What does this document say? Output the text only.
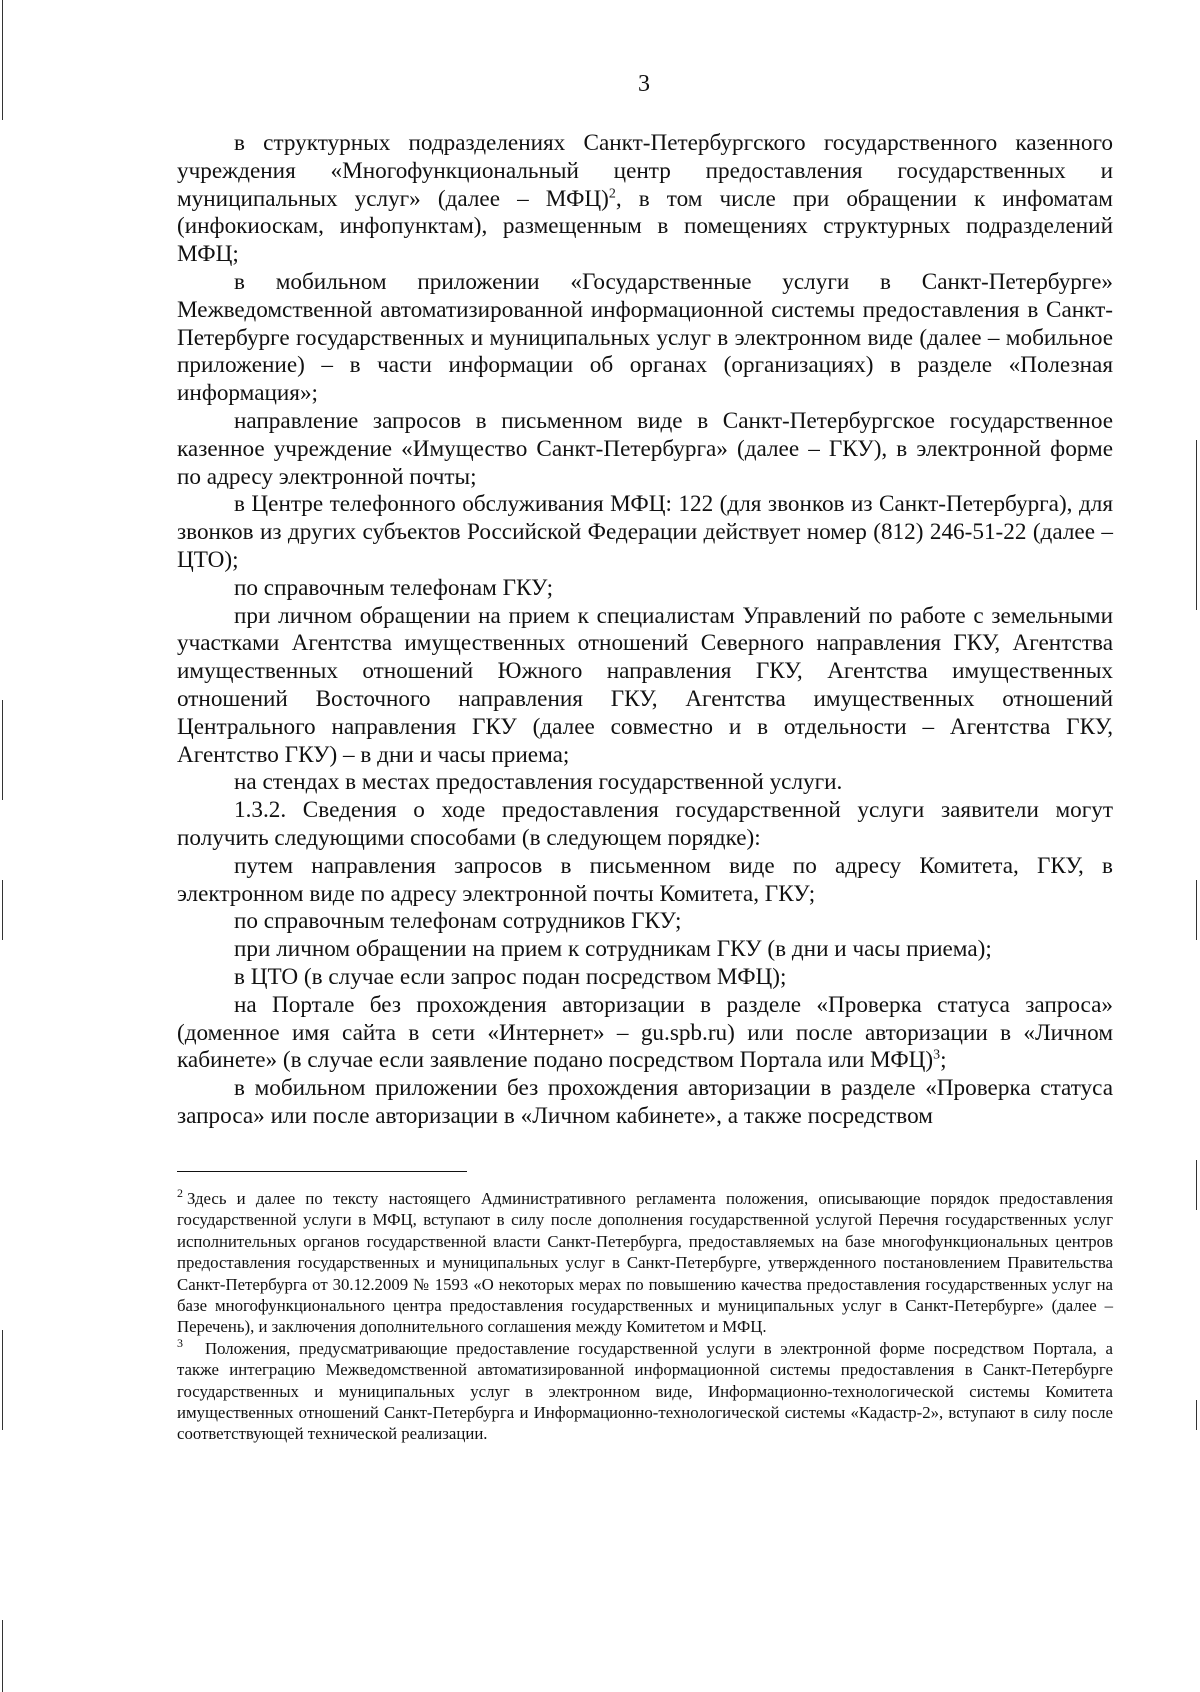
3

в структурных подразделениях Санкт-Петербургского государственного казенного учреждения «Многофункциональный центр предоставления государственных и муниципальных услуг» (далее – МФЦ)$^2$, в том числе при обращении к инфоматам (инфокиоскам, инфопунктам), размещенным в помещениях структурных подразделений МФЦ;

в мобильном приложении «Государственные услуги в Санкт-Петербурге» Межведомственной автоматизированной информационной системы предоставления в Санкт-Петербурге государственных и муниципальных услуг в электронном виде (далее – мобильное приложение) – в части информации об органах (организациях) в разделе «Полезная информация»;

направление запросов в письменном виде в Санкт-Петербургское государственное казенное учреждение «Имущество Санкт-Петербурга» (далее – ГКУ), в электронной форме по адресу электронной почты;

в Центре телефонного обслуживания МФЦ: 122 (для звонков из Санкт-Петербурга), для звонков из других субъектов Российской Федерации действует номер (812) 246-51-22 (далее – ЦТО);

по справочным телефонам ГКУ;

при личном обращении на прием к специалистам Управлений по работе с земельными участками Агентства имущественных отношений Северного направления ГКУ, Агентства имущественных отношений Южного направления ГКУ, Агентства имущественных отношений Восточного направления ГКУ, Агентства имущественных отношений Центрального направления ГКУ (далее совместно и в отдельности – Агентства ГКУ, Агентство ГКУ) – в дни и часы приема;

на стендах в местах предоставления государственной услуги.

1.3.2. Сведения о ходе предоставления государственной услуги заявители могут получить следующими способами (в следующем порядке):

путем направления запросов в письменном виде по адресу Комитета, ГКУ, в электронном виде по адресу электронной почты Комитета, ГКУ;

по справочным телефонам сотрудников ГКУ;

при личном обращении на прием к сотрудникам ГКУ (в дни и часы приема);

в ЦТО (в случае если запрос подан посредством МФЦ);

на Портале без прохождения авторизации в разделе «Проверка статуса запроса» (доменное имя сайта в сети «Интернет» – gu.spb.ru) или после авторизации в «Личном кабинете» (в случае если заявление подано посредством Портала или МФЦ)$^3$;

в мобильном приложении без прохождения авторизации в разделе «Проверка статуса запроса» или после авторизации в «Личном кабинете», а также посредством

$^2$ Здесь и далее по тексту настоящего Административного регламента положения, описывающие порядок предоставления государственной услуги в МФЦ, вступают в силу после дополнения государственной услугой Перечня государственных услуг исполнительных органов государственной власти Санкт-Петербурга, предоставляемых на базе многофункциональных центров предоставления государственных и муниципальных услуг в Санкт-Петербурге, утвержденного постановлением Правительства Санкт-Петербурга от 30.12.2009 № 1593 «О некоторых мерах по повышению качества предоставления государственных услуг на базе многофункционального центра предоставления государственных и муниципальных услуг в Санкт-Петербурге» (далее – Перечень), и заключения дополнительного соглашения между Комитетом и МФЦ.

$^3$ Положения, предусматривающие предоставление государственной услуги в электронной форме посредством Портала, а также интеграцию Межведомственной автоматизированной информационной системы предоставления в Санкт-Петербурге государственных и муниципальных услуг в электронном виде, Информационно-технологической системы Комитета имущественных отношений Санкт-Петербурга и Информационно-технологической системы «Кадастр-2», вступают в силу после соответствующей технической реализации.
